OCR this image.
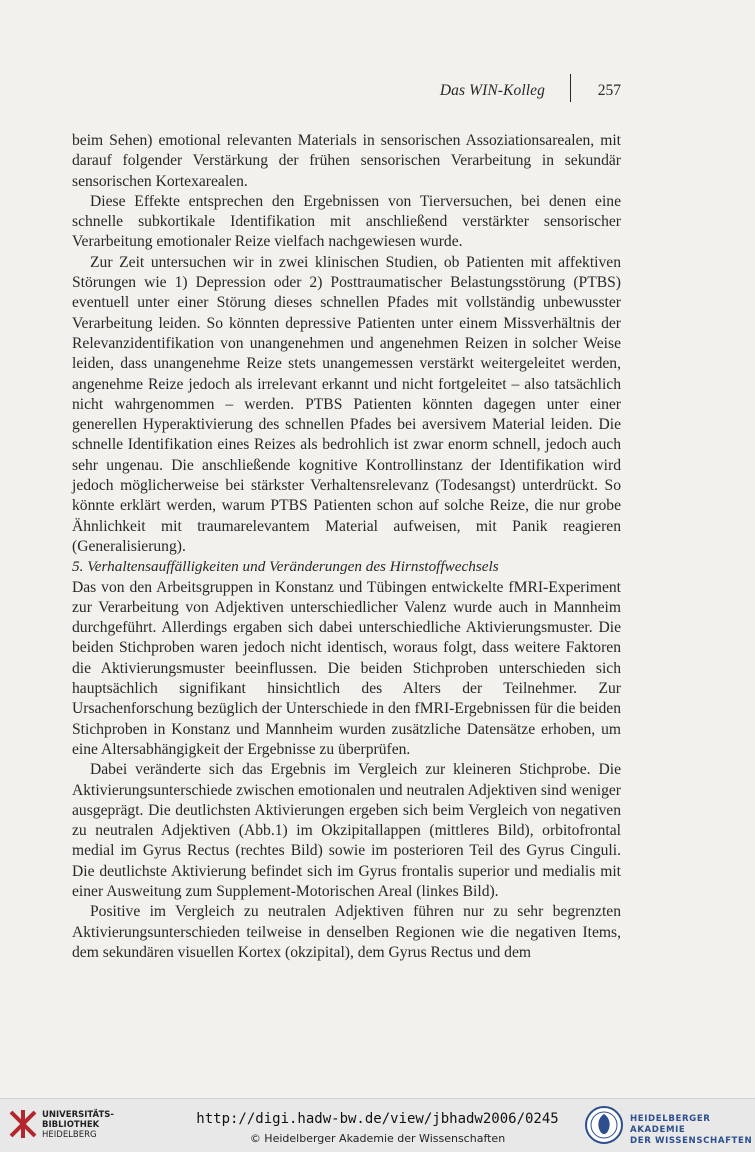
Das WIN-Kolleg	257

beim Sehen) emotional relevanten Materials in sensorischen Assoziationsarealen, mit darauf folgender Verstärkung der frühen sensorischen Verarbeitung in sekundär sensorischen Kortexarealen.

Diese Effekte entsprechen den Ergebnissen von Tierversuchen, bei denen eine schnelle subkortikale Identifikation mit anschließend verstärkter sensorischer Verarbeitung emotionaler Reize vielfach nachgewiesen wurde.

Zur Zeit untersuchen wir in zwei klinischen Studien, ob Patienten mit affektiven Störungen wie 1) Depression oder 2) Posttraumatischer Belastungsstörung (PTBS) eventuell unter einer Störung dieses schnellen Pfades mit vollständig unbewusster Verarbeitung leiden. So könnten depressive Patienten unter einem Missverhältnis der Relevanzidentifikation von unangenehmen und angenehmen Reizen in solcher Weise leiden, dass unangenehme Reize stets unangemessen verstärkt weitergeleitet werden, angenehme Reize jedoch als irrelevant erkannt und nicht fortgeleitet – also tatsächlich nicht wahrgenommen – werden. PTBS Patienten könnten dagegen unter einer generellen Hyperaktivierung des schnellen Pfades bei aversivem Material leiden. Die schnelle Identifikation eines Reizes als bedrohlich ist zwar enorm schnell, jedoch auch sehr ungenau. Die anschließende kognitive Kontrollinstanz der Identifikation wird jedoch möglicherweise bei stärkster Verhaltensrelevanz (Todesangst) unterdrückt. So könnte erklärt werden, warum PTBS Patienten schon auf solche Reize, die nur grobe Ähnlichkeit mit traumarelevantem Material aufweisen, mit Panik reagieren (Generalisierung).

5. Verhaltensauffälligkeiten und Veränderungen des Hirnstoffwechsels

Das von den Arbeitsgruppen in Konstanz und Tübingen entwickelte fMRI-Experiment zur Verarbeitung von Adjektiven unterschiedlicher Valenz wurde auch in Mannheim durchgeführt. Allerdings ergaben sich dabei unterschiedliche Aktivierungsmuster. Die beiden Stichproben waren jedoch nicht identisch, woraus folgt, dass weitere Faktoren die Aktivierungsmuster beeinflussen. Die beiden Stichproben unterschieden sich hauptsächlich signifikant hinsichtlich des Alters der Teilnehmer. Zur Ursachenforschung bezüglich der Unterschiede in den fMRI-Ergebnissen für die beiden Stichproben in Konstanz und Mannheim wurden zusätzliche Datensätze erhoben, um eine Altersabhängigkeit der Ergebnisse zu überprüfen.

Dabei veränderte sich das Ergebnis im Vergleich zur kleineren Stichprobe. Die Aktivierungsunterschiede zwischen emotionalen und neutralen Adjektiven sind weniger ausgeprägt. Die deutlichsten Aktivierungen ergeben sich beim Vergleich von negativen zu neutralen Adjektiven (Abb.1) im Okzipitallappen (mittleres Bild), orbitofrontal medial im Gyrus Rectus (rechtes Bild) sowie im posterioren Teil des Gyrus Cinguli. Die deutlichste Aktivierung befindet sich im Gyrus frontalis superior und medialis mit einer Ausweitung zum Supplement-Motorischen Areal (linkes Bild).

Positive im Vergleich zu neutralen Adjektiven führen nur zu sehr begrenzten Aktivierungsunterschieden teilweise in denselben Regionen wie die negativen Items, dem sekundären visuellen Kortex (okzipital), dem Gyrus Rectus und dem

UNIVERSITÄTS-
BIBLIOTHEK
HEIDELBERG
http://digi.hadw-bw.de/view/jbhadw2006/0245
© Heidelberger Akademie der Wissenschaften
HEIDELBERGER AKADEMIE
DER WISSENSCHAFTEN
